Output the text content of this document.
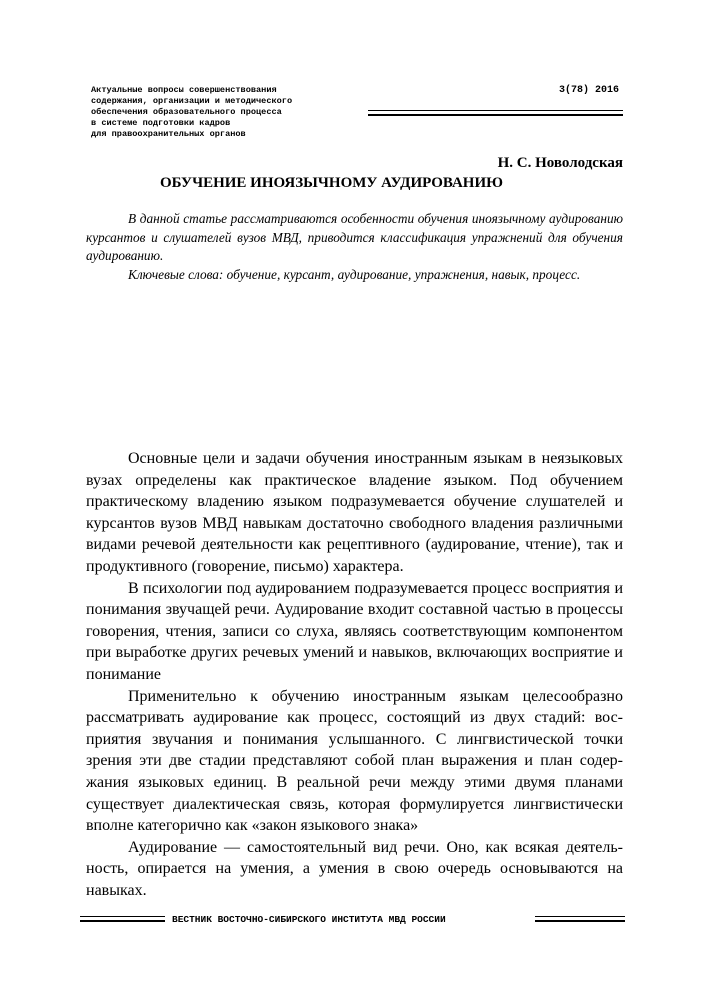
Актуальные вопросы совершенствования
содержания, организации и методического
обеспечения образовательного процесса
в системе подготовки кадров
для правоохранительных органов
3(78) 2016
Н. С. Новолодская
ОБУЧЕНИЕ ИНОЯЗЫЧНОМУ АУДИРОВАНИЮ

В данной статье рассматриваются особенности обучения иноязычному аудированию курсантов и слушателей вузов МВД, приводится классификация упражнений для обучения аудированию.

Ключевые слова: обучение, курсант, аудирование, упражнения, навык, процесс.

Основные цели и задачи обучения иностранным языкам в неязыковых вузах определены как практическое владение языком. Под обучением практическому владению языком подразумевается обучение слушателей и курсантов вузов МВД навыкам достаточно свободного владения различными видами речевой деятельности как рецептивного (аудирование, чтение), так и продуктивного (говорение, письмо) характера.

В психологии под аудированием подразумевается процесс восприятия и понимания звучащей речи. Аудирование входит составной частью в процессы говорения, чтения, записи со слуха, являясь соответствующим компонентом при выработке других речевых умений и навыков, включающих восприятие и понимание

Применительно к обучению иностранным языкам целесообразно рассматривать аудирование как процесс, состоящий из двух стадий: восприятия звучания и понимания услышанного. С лингвистической точки зрения эти две стадии представляют собой план выражения и план содержания языковых единиц. В реальной речи между этими двумя планами существует диалектическая связь, которая формулируется лингвистически вполне категорично как «закон языкового знака»

Аудирование — самостоятельный вид речи. Оно, как всякая деятельность, опирается на умения, а умения в свою очередь основываются на навыках.

ВЕСТНИК ВОСТОЧНО-СИБИРСКОГО ИНСТИТУТА МВД РОССИИ
